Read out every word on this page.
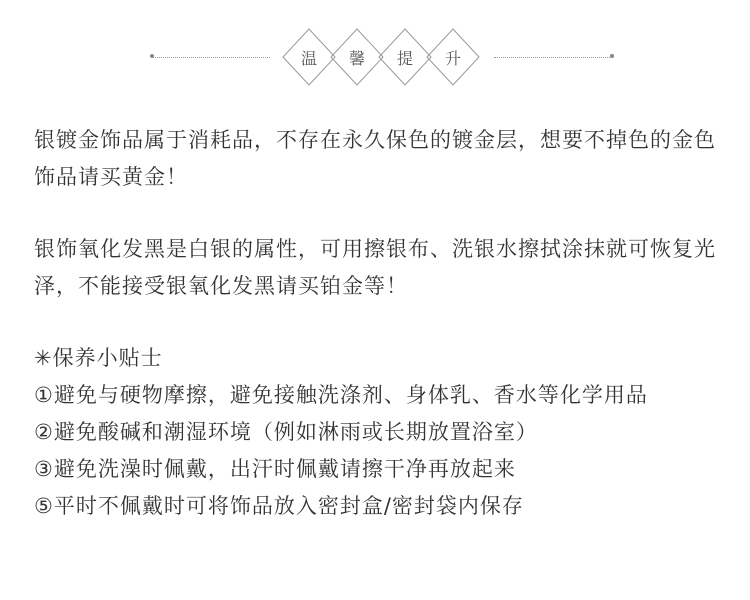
温	馨	提	升

银镀金饰品属于消耗品，不存在永久保色的镀金层，想要不掉色的金色饰品请买黄金！

银饰氧化发黑是白银的属性，可用擦银布、洗银水擦拭涂抹就可恢复光泽，不能接受银氧化发黑请买铂金等！

✳保养小贴士

①避免与硬物摩擦，避免接触洗涤剂、身体乳、香水等化学用品

②避免酸碱和潮湿环境（例如淋雨或长期放置浴室）

③避免洗澡时佩戴，出汗时佩戴请擦干净再放起来

⑤平时不佩戴时可将饰品放入密封盒/密封袋内保存
